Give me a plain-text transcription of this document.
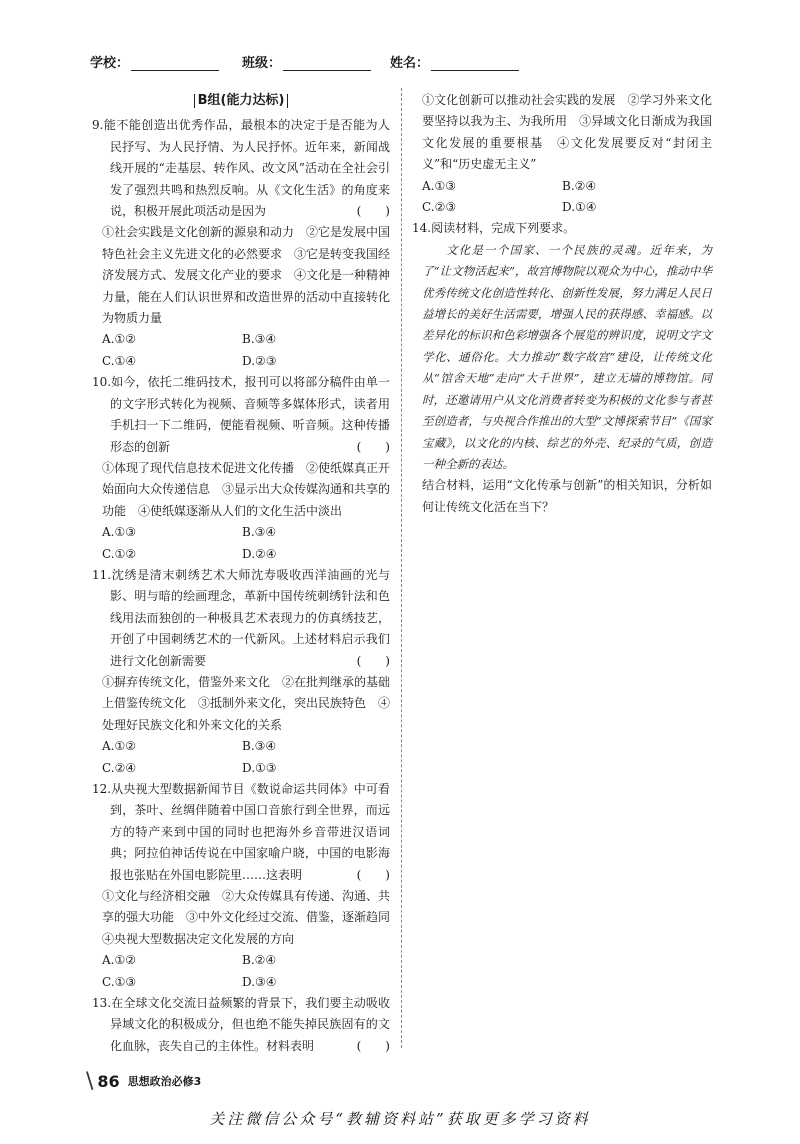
学校：	班级：	姓名：
B组(能力达标)
9.能不能创造出优秀作品，最根本的决定于是否能为人民抒写、为人民抒情、为人民抒怀。近年来，新闻战线开展的“走基层、转作风、改文风”活动在全社会引发了强烈共鸣和热烈反响。从《文化生活》的角度来说，积极开展此项活动是因为	(　　)
①社会实践是文化创新的源泉和动力　②它是发展中国特色社会主义先进文化的必然要求　③它是转变我国经济发展方式、发展文化产业的要求　④文化是一种精神力量，能在人们认识世界和改造世界的活动中直接转化为物质力量
A.①②	B.③④
C.①④	D.②③
10.如今，依托二维码技术，报刊可以将部分稿件由单一的文字形式转化为视频、音频等多媒体形式，读者用手机扫一下二维码，便能看视频、听音频。这种传播形态的创新	(　　)
①体现了现代信息技术促进文化传播　②使纸媒真正开始面向大众传递信息　③显示出大众传媒沟通和共享的功能　④使纸媒逐渐从人们的文化生活中淡出
A.①③	B.③④
C.①②	D.②④
11.沈绣是清末刺绣艺术大师沈寿吸收西洋油画的光与影、明与暗的绘画理念，革新中国传统刺绣针法和色线用法而独创的一种极具艺术表现力的仿真绣技艺，开创了中国刺绣艺术的一代新风。上述材料启示我们进行文化创新需要	(　　)
①摒弃传统文化，借鉴外来文化　②在批判继承的基础上借鉴传统文化　③抵制外来文化，突出民族特色　④处理好民族文化和外来文化的关系
A.①②	B.③④
C.②④	D.①③
12.从央视大型数据新闻节目《数说命运共同体》中可看到，茶叶、丝绸伴随着中国口音旅行到全世界，而远方的特产来到中国的同时也把海外乡音带进汉语词典；阿拉伯神话传说在中国家喻户晓，中国的电影海报也张贴在外国电影院里……这表明	(　　)
①文化与经济相交融　②大众传媒具有传递、沟通、共享的强大功能　③中外文化经过交流、借鉴，逐渐趋同　④央视大型数据决定文化发展的方向
A.①②	B.②④
C.①③	D.③④
13.在全球文化交流日益频繁的背景下，我们要主动吸收异域文化的积极成分，但也绝不能失掉民族固有的文化血脉，丧失自己的主体性。材料表明	(　　)
①文化创新可以推动社会实践的发展　②学习外来文化要坚持以我为主、为我所用　③异域文化日渐成为我国文化发展的重要根基　④文化发展要反对“封闭主义”和“历史虚无主义”
A.①③	B.②④
C.②③	D.①④
14.阅读材料，完成下列要求。
文化是一个国家、一个民族的灵魂。近年来，为了“让文物活起来”，故宫博物院以观众为中心，推动中华优秀传统文化创造性转化、创新性发展，努力满足人民日益增长的美好生活需要，增强人民的获得感、幸福感。以差异化的标识和色彩增强各个展览的辨识度，说明文字文学化、通俗化。大力推动“数字故宫”建设，让传统文化从“馆舍天地”走向“大千世界”，建立无墙的博物馆。同时，还邀请用户从文化消费者转变为积极的文化参与者甚至创造者，与央视合作推出的大型“文博探索节目”《国家宝藏》，以文化的内核、综艺的外壳、纪录的气质，创造一种全新的表达。
结合材料，运用“文化传承与创新”的相关知识，分析如何让传统文化活在当下？
\ 86 思想政治必修3
关注微信公众号“教辅资料站”获取更多学习资料
